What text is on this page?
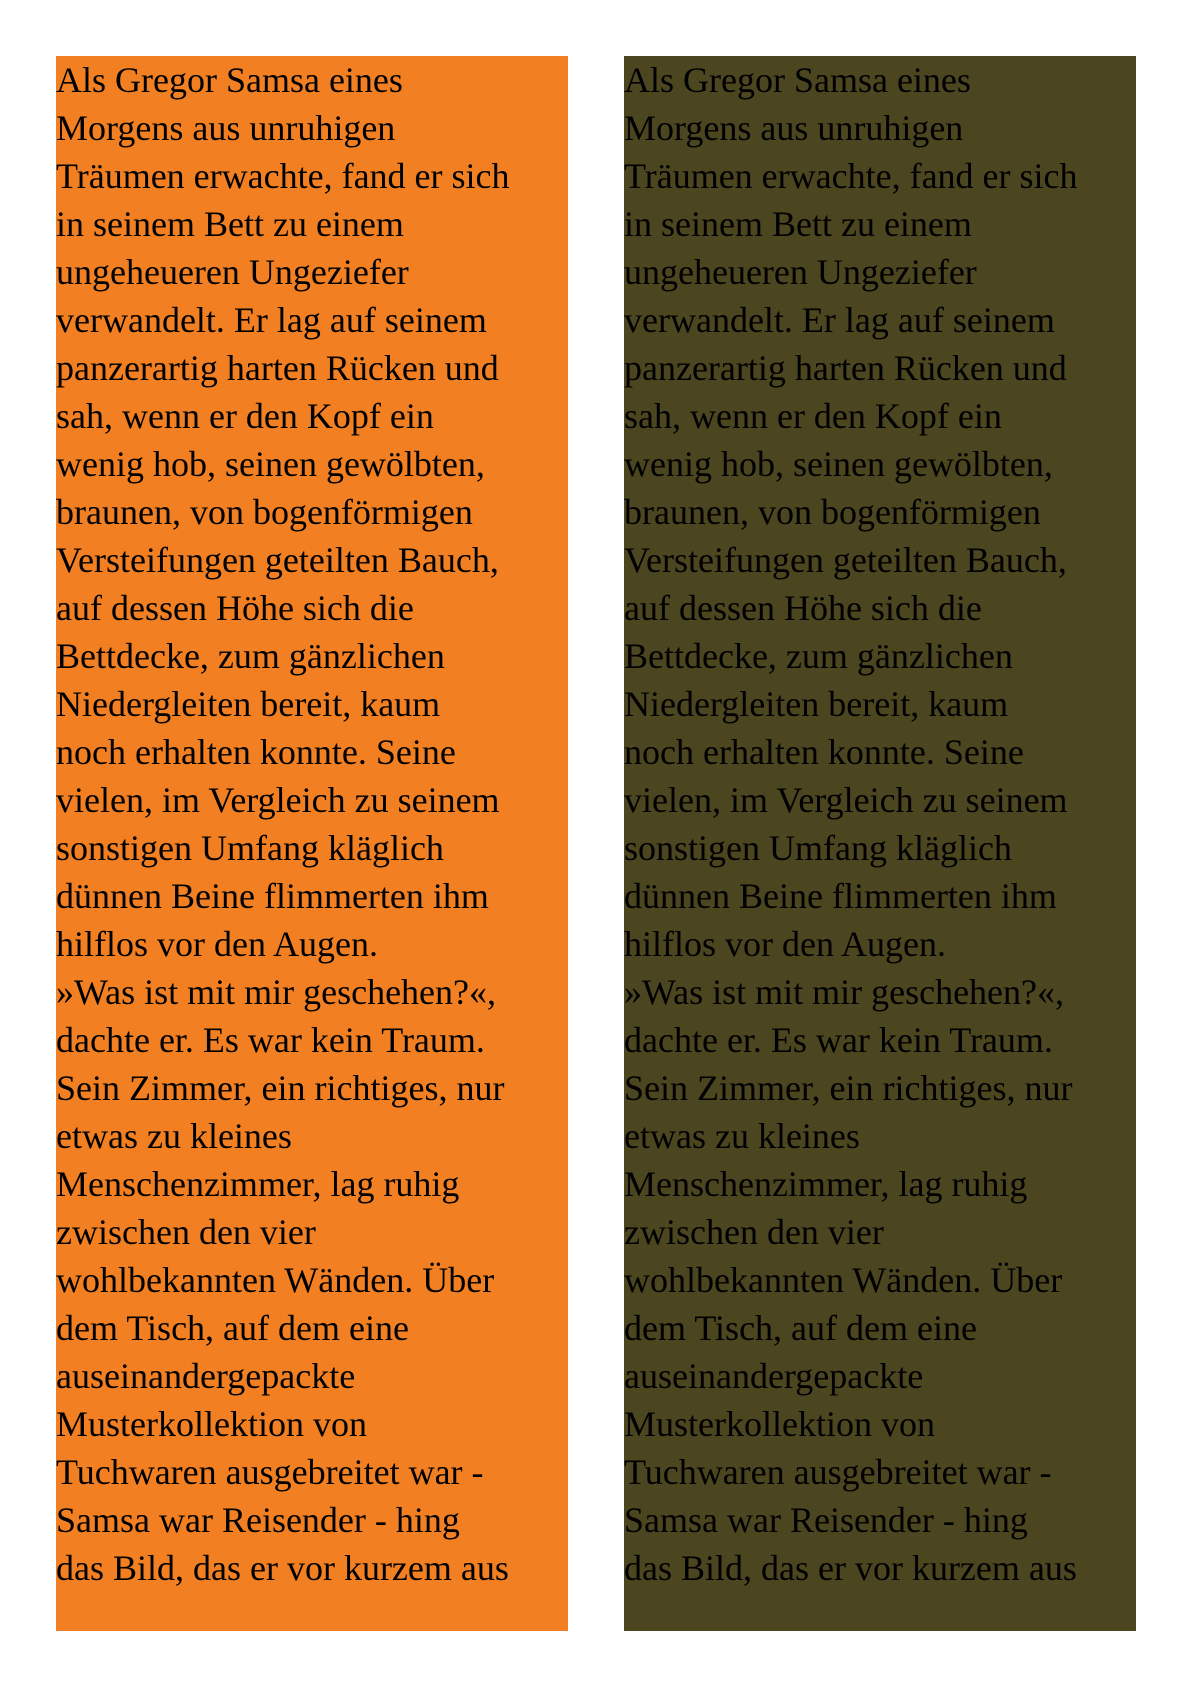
Als Gregor Samsa eines
Morgens aus unruhigen
Träumen erwachte, fand er sich
in seinem Bett zu einem
ungeheueren Ungeziefer
verwandelt. Er lag auf seinem
panzerartig harten Rücken und
sah, wenn er den Kopf ein
wenig hob, seinen gewölbten,
braunen, von bogenförmigen
Versteifungen geteilten Bauch,
auf dessen Höhe sich die
Bettdecke, zum gänzlichen
Niedergleiten bereit, kaum
noch erhalten konnte. Seine
vielen, im Vergleich zu seinem
sonstigen Umfang kläglich
dünnen Beine flimmerten ihm
hilflos vor den Augen.
»Was ist mit mir geschehen?«,
dachte er. Es war kein Traum.
Sein Zimmer, ein richtiges, nur
etwas zu kleines
Menschenzimmer, lag ruhig
zwischen den vier
wohlbekannten Wänden. Über
dem Tisch, auf dem eine
auseinandergepackte
Musterkollektion von
Tuchwaren ausgebreitet war -
Samsa war Reisender - hing
das Bild, das er vor kurzem aus
Als Gregor Samsa eines
Morgens aus unruhigen
Träumen erwachte, fand er sich
in seinem Bett zu einem
ungeheueren Ungeziefer
verwandelt. Er lag auf seinem
panzerartig harten Rücken und
sah, wenn er den Kopf ein
wenig hob, seinen gewölbten,
braunen, von bogenförmigen
Versteifungen geteilten Bauch,
auf dessen Höhe sich die
Bettdecke, zum gänzlichen
Niedergleiten bereit, kaum
noch erhalten konnte. Seine
vielen, im Vergleich zu seinem
sonstigen Umfang kläglich
dünnen Beine flimmerten ihm
hilflos vor den Augen.
»Was ist mit mir geschehen?«,
dachte er. Es war kein Traum.
Sein Zimmer, ein richtiges, nur
etwas zu kleines
Menschenzimmer, lag ruhig
zwischen den vier
wohlbekannten Wänden. Über
dem Tisch, auf dem eine
auseinandergepackte
Musterkollektion von
Tuchwaren ausgebreitet war -
Samsa war Reisender - hing
das Bild, das er vor kurzem aus
